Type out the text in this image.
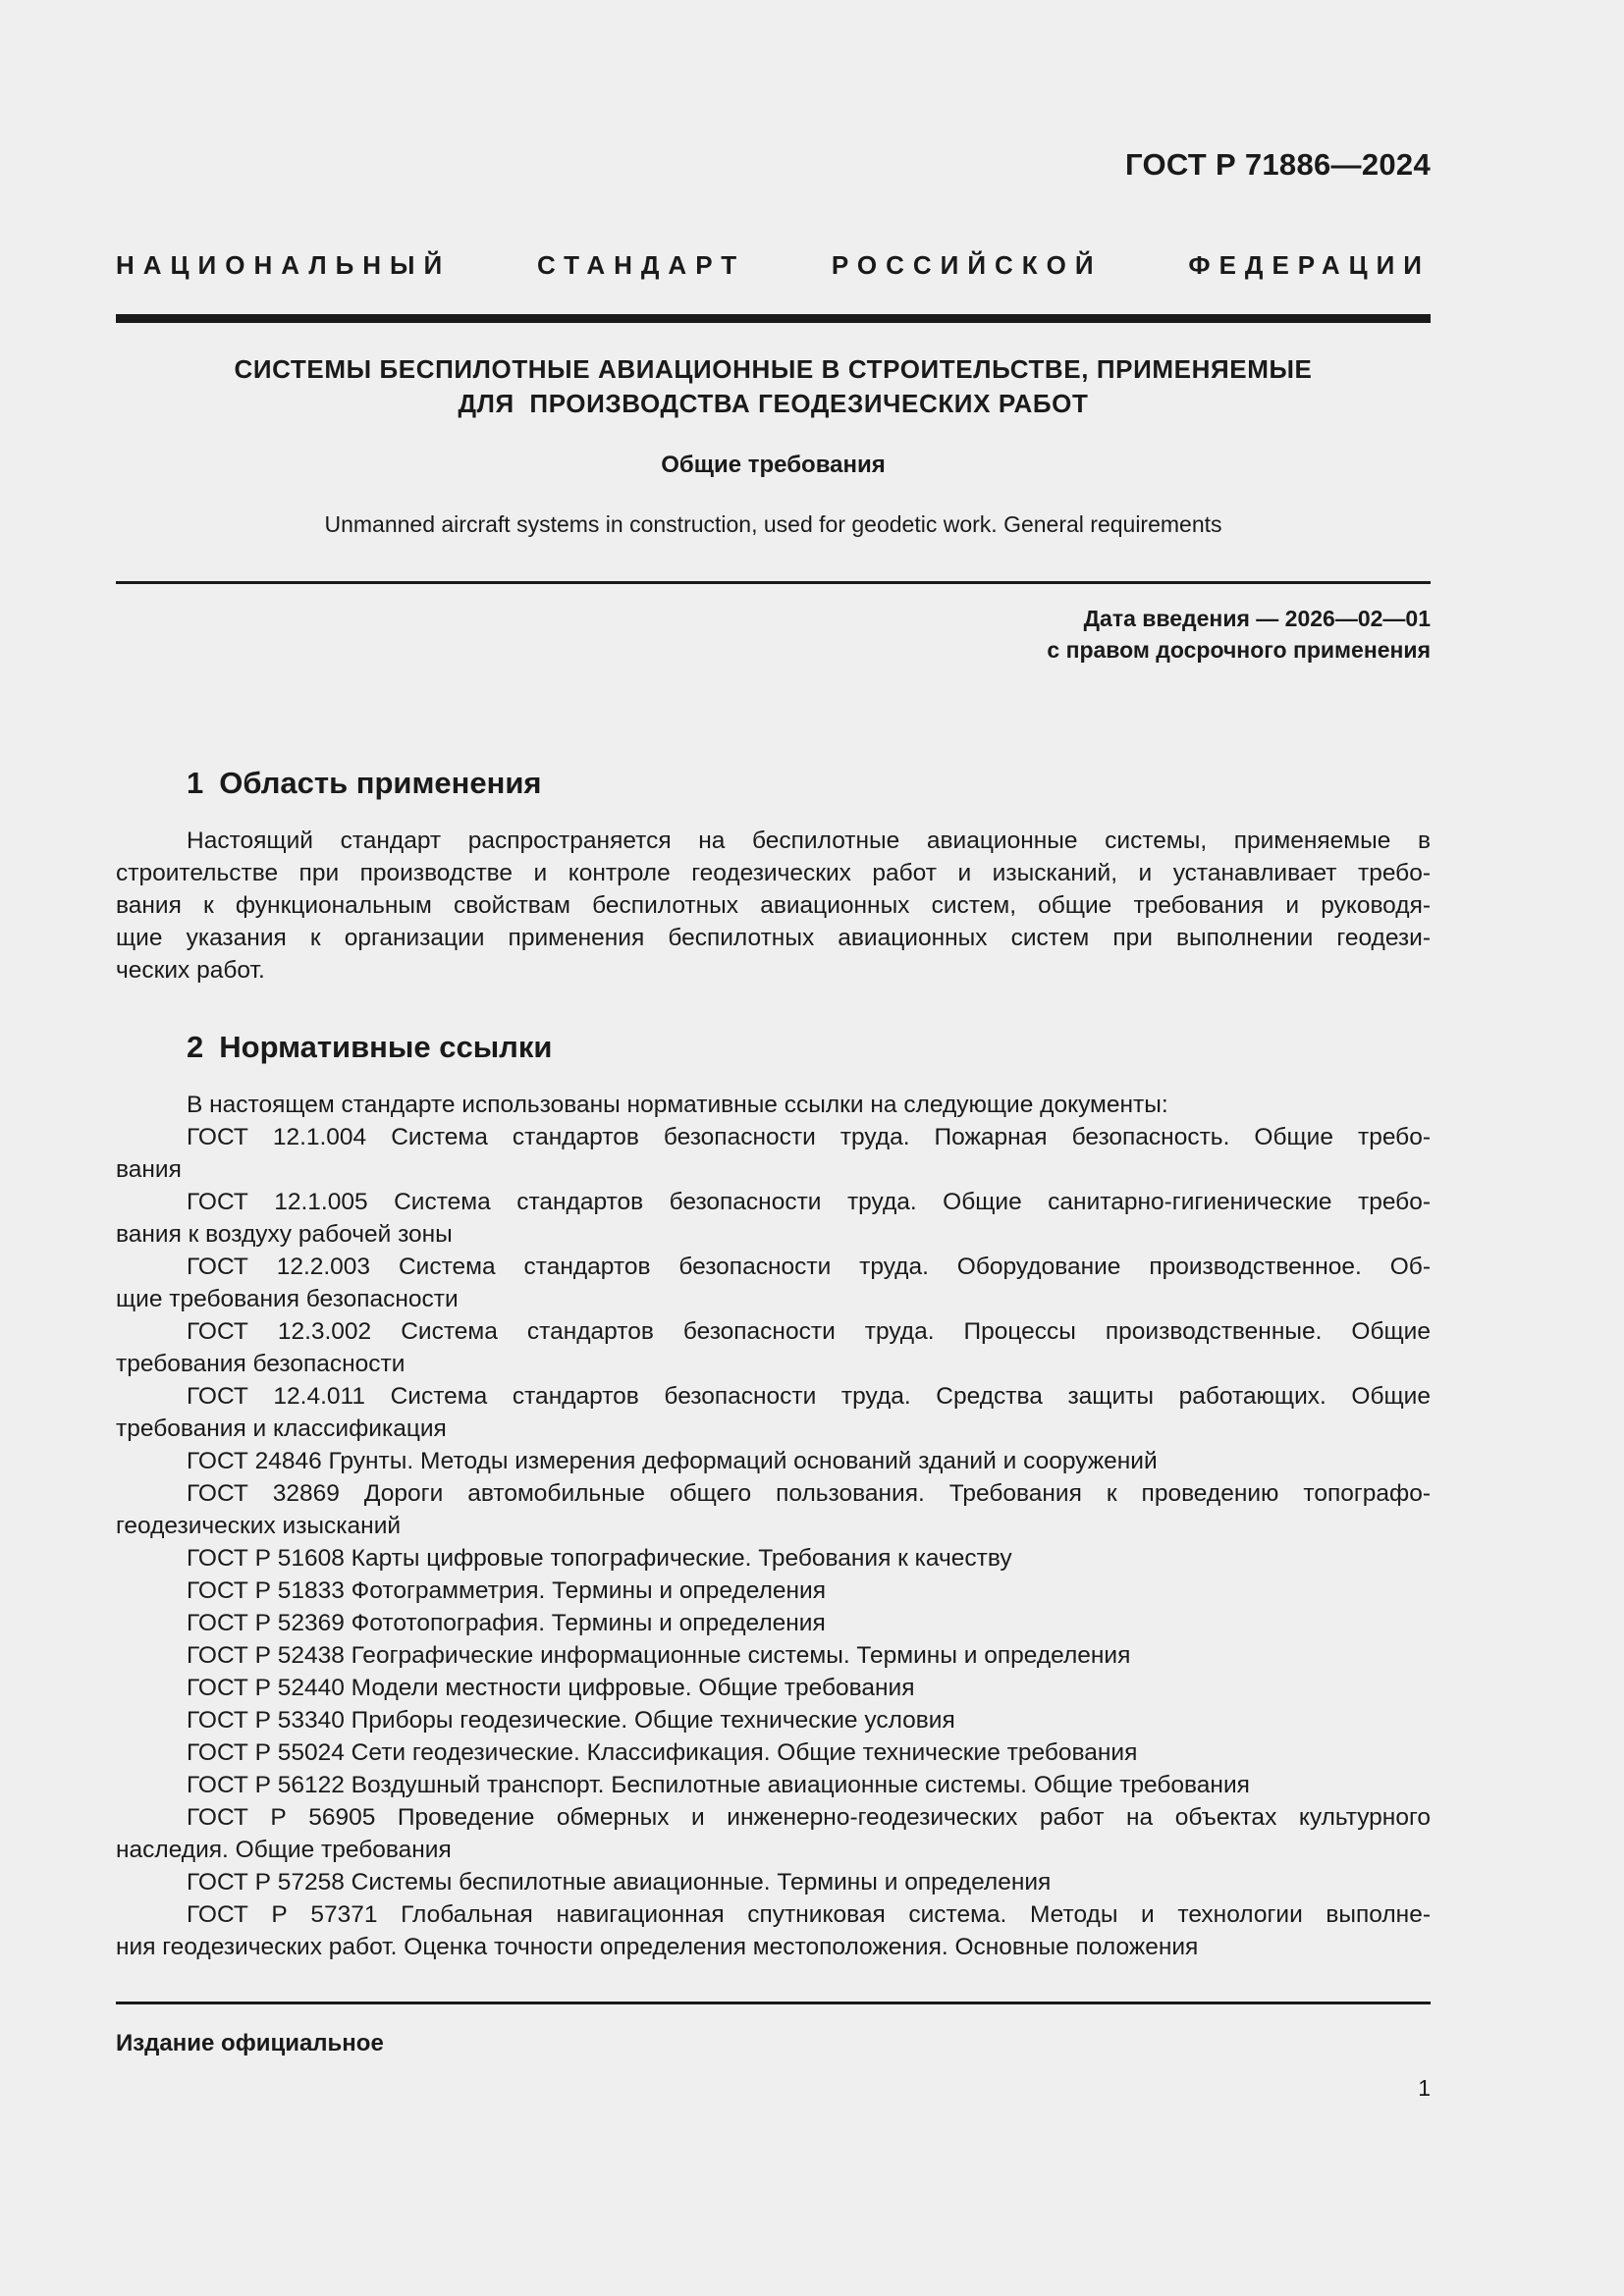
ГОСТ Р 71886—2024
НАЦИОНАЛЬНЫЙ СТАНДАРТ РОССИЙСКОЙ ФЕДЕРАЦИИ
СИСТЕМЫ БЕСПИЛОТНЫЕ АВИАЦИОННЫЕ В СТРОИТЕЛЬСТВЕ, ПРИМЕНЯЕМЫЕ
ДЛЯ  ПРОИЗВОДСТВА ГЕОДЕЗИЧЕСКИХ РАБОТ
Общие требования
Unmanned aircraft systems in construction, used for geodetic work. General requirements
Дата введения — 2026—02—01
с правом досрочного применения
1 Область применения
Настоящий стандарт распространяется на беспилотные авиационные системы, применяемые в
строительстве при производстве и контроле геодезических работ и изысканий, и устанавливает требо-
вания к функциональным свойствам беспилотных авиационных систем, общие требования и руководя-
щие указания к организации применения беспилотных авиационных систем при выполнении геодези-
ческих работ.
2 Нормативные ссылки
В настоящем стандарте использованы нормативные ссылки на следующие документы:
ГОСТ 12.1.004 Система стандартов безопасности труда. Пожарная безопасность. Общие требо-
вания
ГОСТ 12.1.005 Система стандартов безопасности труда. Общие санитарно-гигиенические требо-
вания к воздуху рабочей зоны
ГОСТ 12.2.003 Система стандартов безопасности труда. Оборудование производственное. Об-
щие требования безопасности
ГОСТ 12.3.002 Система стандартов безопасности труда. Процессы производственные. Общие
требования безопасности
ГОСТ 12.4.011 Система стандартов безопасности труда. Средства защиты работающих. Общие
требования и классификация
ГОСТ 24846 Грунты. Методы измерения деформаций оснований зданий и сооружений
ГОСТ 32869 Дороги автомобильные общего пользования. Требования к проведению топографо-
геодезических изысканий
ГОСТ Р 51608 Карты цифровые топографические. Требования к качеству
ГОСТ Р 51833 Фотограмметрия. Термины и определения
ГОСТ Р 52369 Фототопография. Термины и определения
ГОСТ Р 52438 Географические информационные системы. Термины и определения
ГОСТ Р 52440 Модели местности цифровые. Общие требования
ГОСТ Р 53340 Приборы геодезические. Общие технические условия
ГОСТ Р 55024 Сети геодезические. Классификация. Общие технические требования
ГОСТ Р 56122 Воздушный транспорт. Беспилотные авиационные системы. Общие требования
ГОСТ Р 56905 Проведение обмерных и инженерно-геодезических работ на объектах культурного
наследия. Общие требования
ГОСТ Р 57258 Системы беспилотные авиационные. Термины и определения
ГОСТ Р 57371 Глобальная навигационная спутниковая система. Методы и технологии выполне-
ния геодезических работ. Оценка точности определения местоположения. Основные положения
Издание официальное
1
